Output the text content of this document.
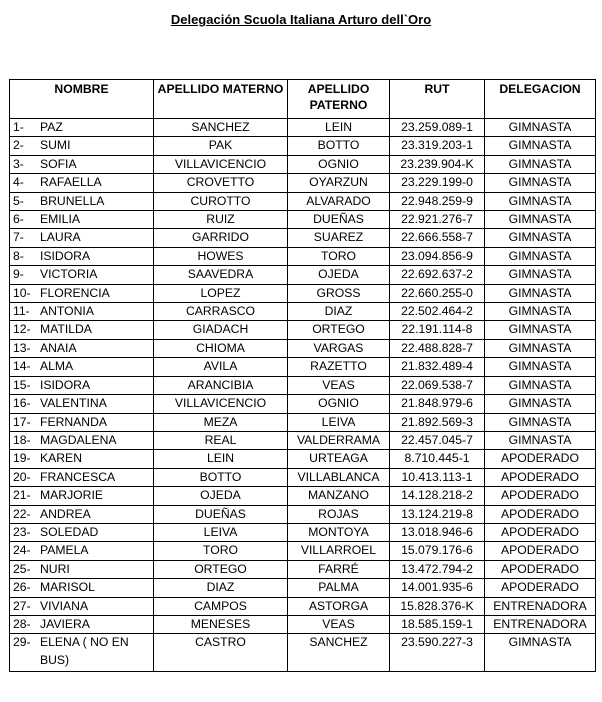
Delegación Scuola Italiana Arturo dell`Oro
NOMBRE	APELLIDO MATERNO	APELLIDO PATERNO	RUT	DELEGACION

1- PAZ	SANCHEZ	LEIN	23.259.089-1	GIMNASTA

2- SUMI	PAK	BOTTO	23.319.203-1	GIMNASTA

3- SOFIA	VILLAVICENCIO	OGNIO	23.239.904-K	GIMNASTA

4- RAFAELLA	CROVETTO	OYARZUN	23.229.199-0	GIMNASTA

5- BRUNELLA	CUROTTO	ALVARADO	22.948.259-9	GIMNASTA

6- EMILIA	RUIZ	DUEÑAS	22.921.276-7	GIMNASTA

7- LAURA	GARRIDO	SUAREZ	22.666.558-7	GIMNASTA

8- ISIDORA	HOWES	TORO	23.094.856-9	GIMNASTA

9- VICTORIA	SAAVEDRA	OJEDA	22.692.637-2	GIMNASTA

10- FLORENCIA	LOPEZ	GROSS	22.660.255-0	GIMNASTA

11- ANTONIA	CARRASCO	DIAZ	22.502.464-2	GIMNASTA

12- MATILDA	GIADACH	ORTEGO	22.191.114-8	GIMNASTA

13- ANAIA	CHIOMA	VARGAS	22.488.828-7	GIMNASTA

14- ALMA	AVILA	RAZETTO	21.832.489-4	GIMNASTA

15- ISIDORA	ARANCIBIA	VEAS	22.069.538-7	GIMNASTA

16- VALENTINA	VILLAVICENCIO	OGNIO	21.848.979-6	GIMNASTA

17- FERNANDA	MEZA	LEIVA	21.892.569-3	GIMNASTA

18- MAGDALENA	REAL	VALDERRAMA	22.457.045-7	GIMNASTA

19- KAREN	LEIN	URTEAGA	8.710.445-1	APODERADO

20- FRANCESCA	BOTTO	VILLABLANCA	10.413.113-1	APODERADO

21- MARJORIE	OJEDA	MANZANO	14.128.218-2	APODERADO

22- ANDREA	DUEÑAS	ROJAS	13.124.219-8	APODERADO

23- SOLEDAD	LEIVA	MONTOYA	13.018.946-6	APODERADO

24- PAMELA	TORO	VILLARROEL	15.079.176-6	APODERADO

25- NURI	ORTEGO	FARRÉ	13.472.794-2	APODERADO

26- MARISOL	DIAZ	PALMA	14.001.935-6	APODERADO

27- VIVIANA	CAMPOS	ASTORGA	15.828.376-K	ENTRENADORA

28- JAVIERA	MENESES	VEAS	18.585.159-1	ENTRENADORA

29- ELENA ( NO EN BUS)	CASTRO	SANCHEZ	23.590.227-3	GIMNASTA
